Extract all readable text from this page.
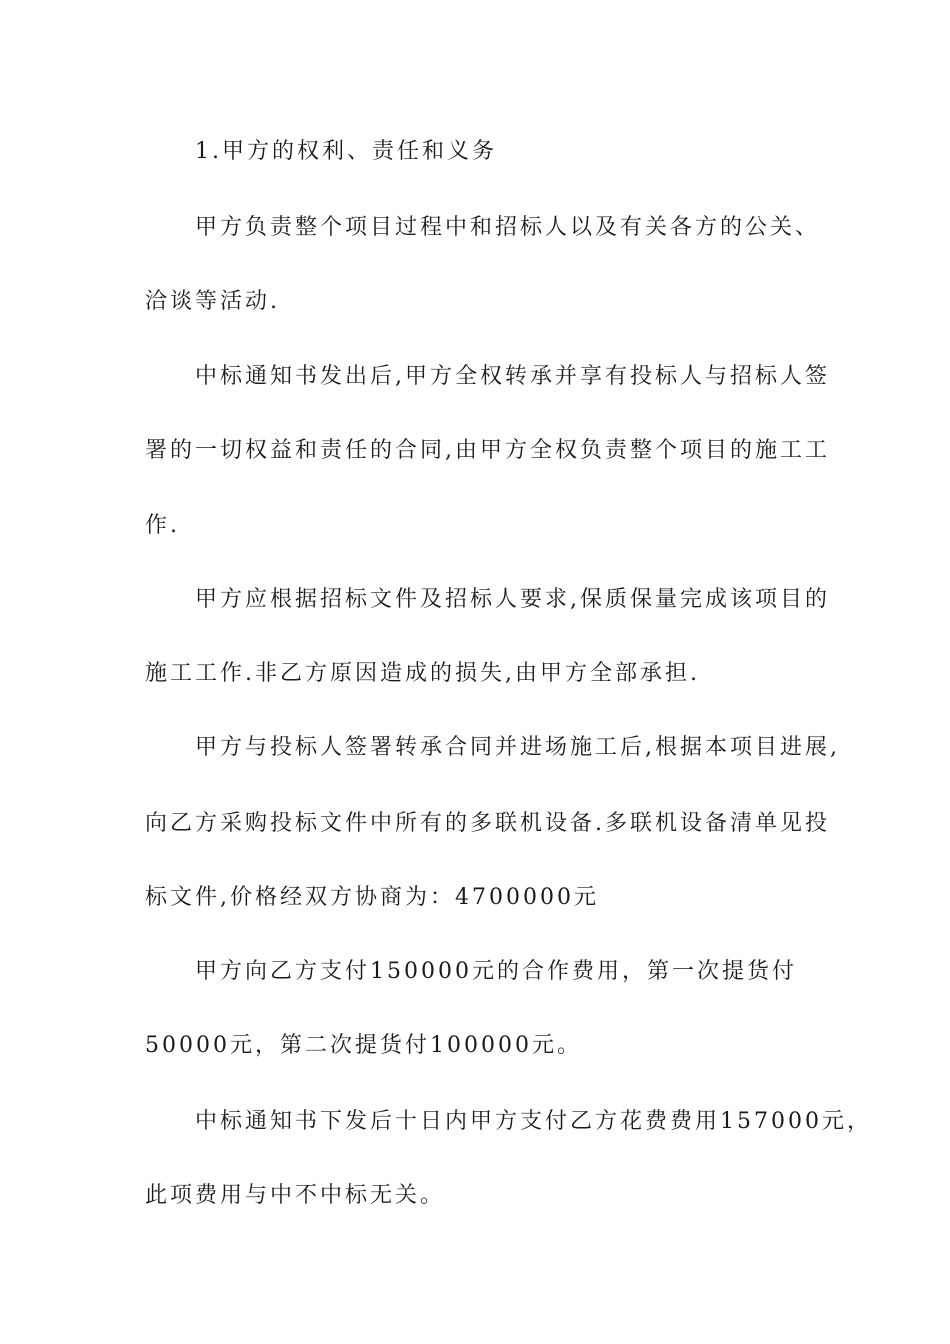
1.甲方的权利、责任和义务
甲方负责整个项目过程中和招标人以及有关各方的公关、
洽谈等活动.
中标通知书发出后,甲方全权转承并享有投标人与招标人签
署的一切权益和责任的合同,由甲方全权负责整个项目的施工工
作.
甲方应根据招标文件及招标人要求,保质保量完成该项目的
施工工作.非乙方原因造成的损失,由甲方全部承担.
甲方与投标人签署转承合同并进场施工后,根据本项目进展,
向乙方采购投标文件中所有的多联机设备.多联机设备清单见投
标文件,价格经双方协商为：4700000元
甲方向乙方支付150000元的合作费用，第一次提货付
50000元，第二次提货付100000元。
中标通知书下发后十日内甲方支付乙方花费费用157000元，
此项费用与中不中标无关。
